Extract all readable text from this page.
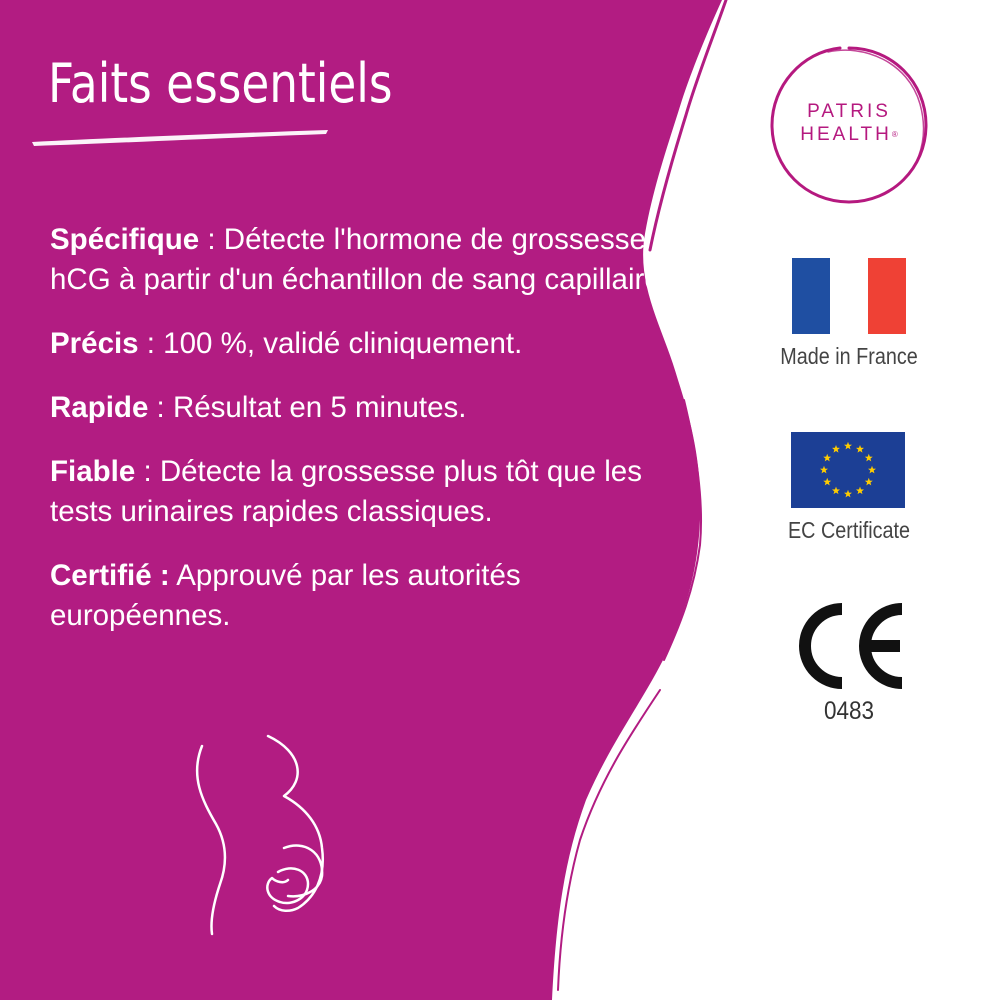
Faits essentiels
Spécifique : Détecte l'hormone de grossesse hCG à partir d'un échantillon de sang capillaire.
Précis : 100 %, validé cliniquement.
Rapide : Résultat en 5 minutes.
Fiable : Détecte la grossesse plus tôt que les tests urinaires rapides classiques.
Certifié : Approuvé par les autorités européennes.
PATRIS
HEALTH®
Made in France
EC Certificate
0483
